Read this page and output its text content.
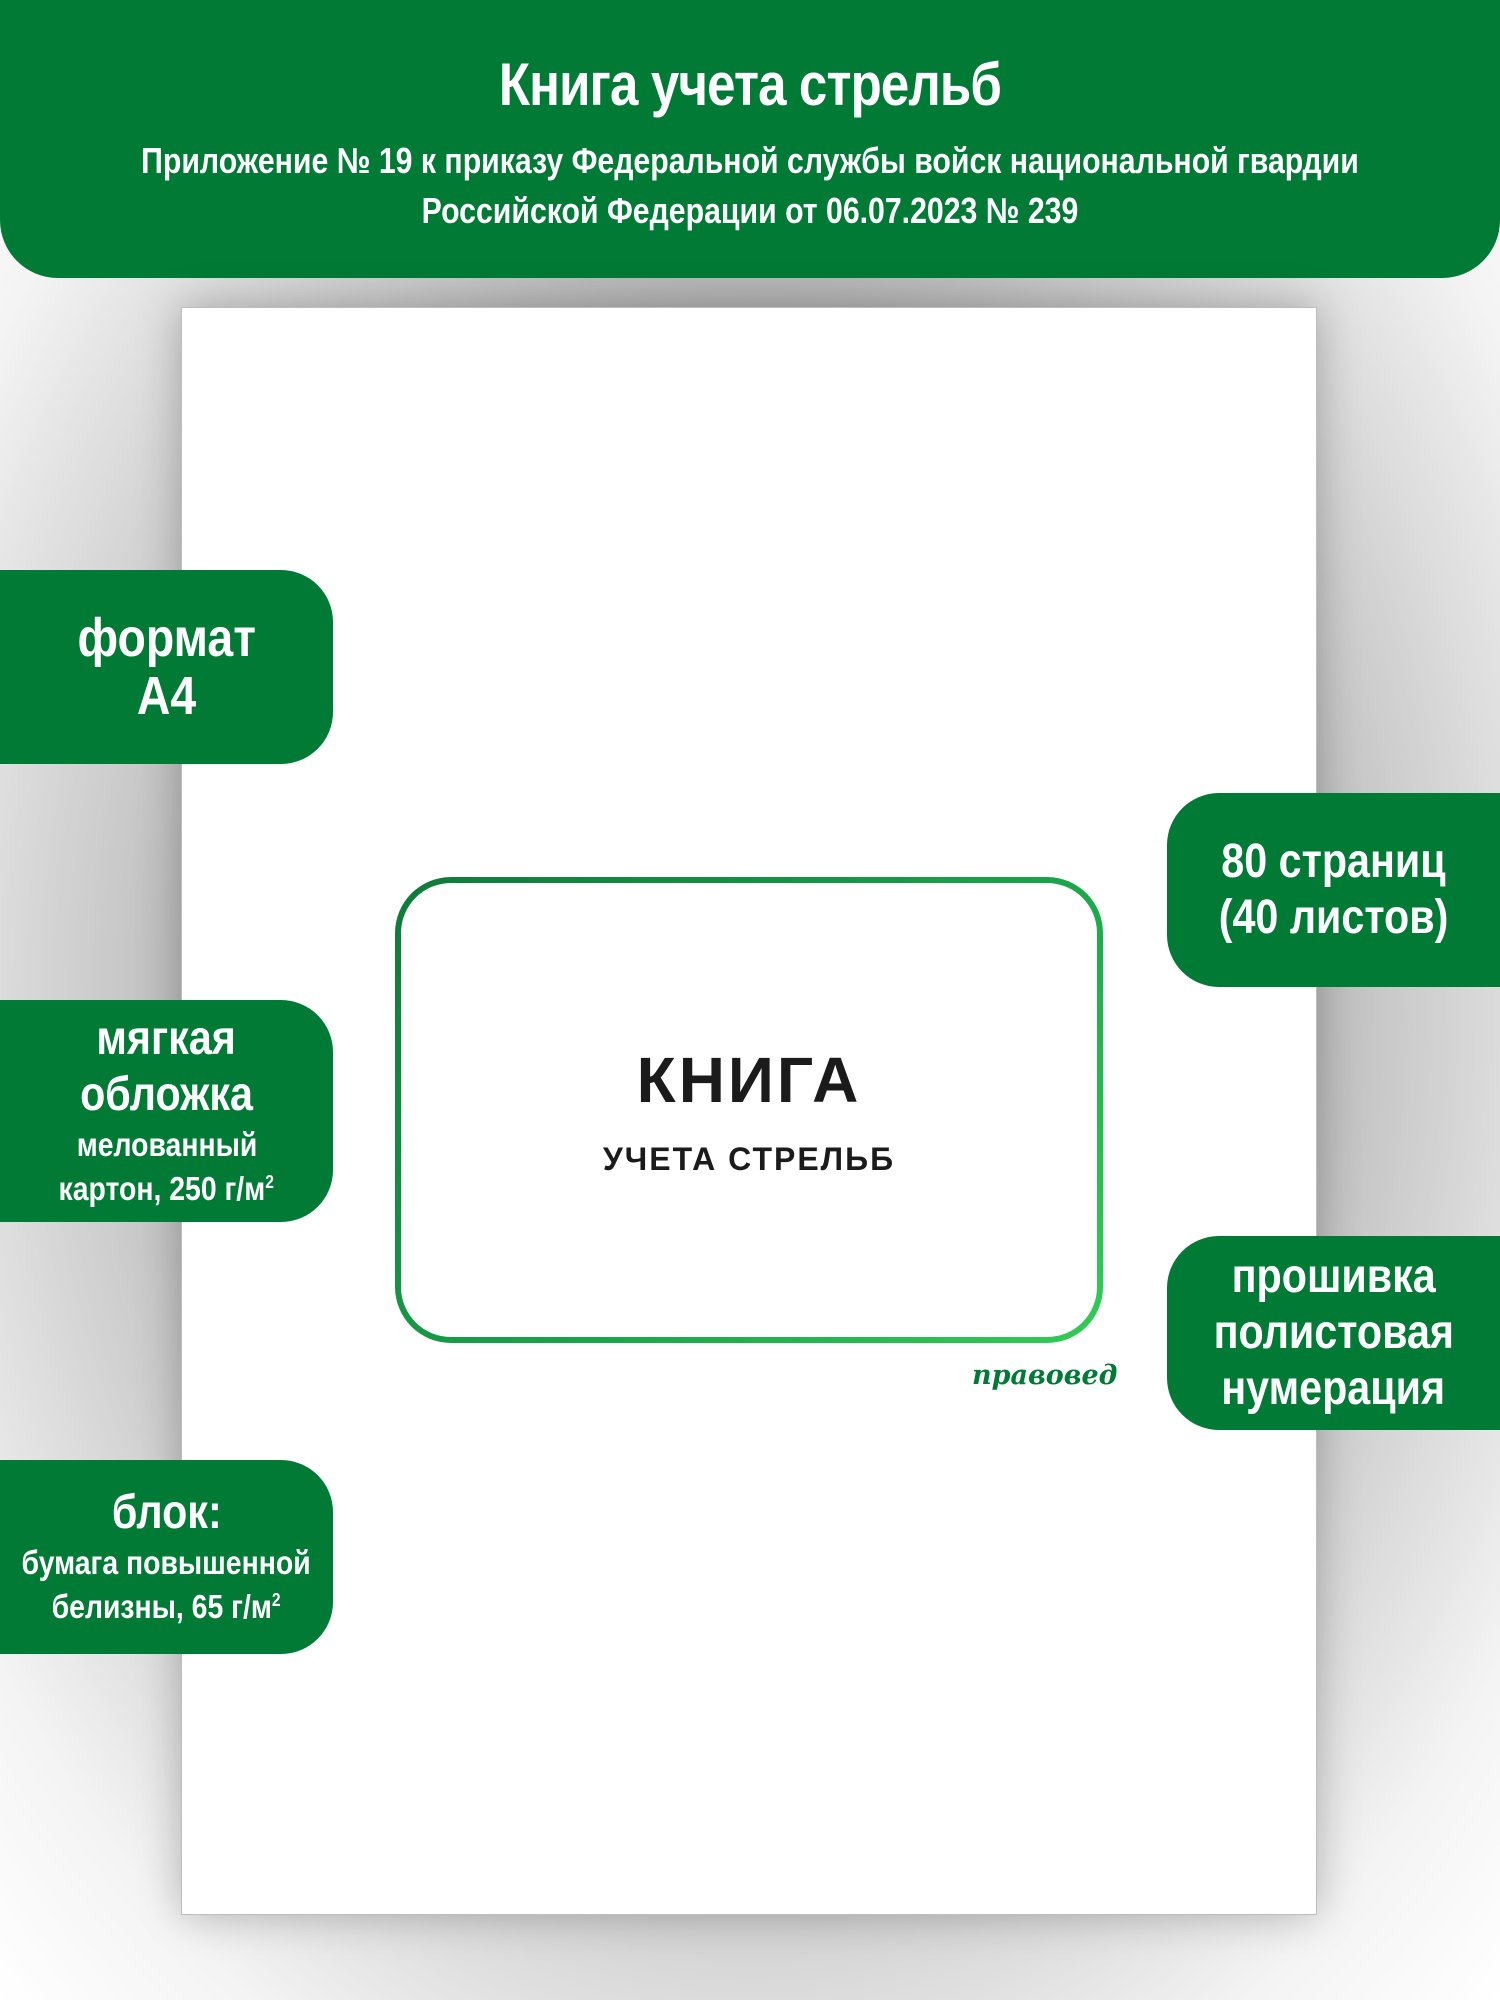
Книга учета стрельб
Приложение № 19 к приказу Федеральной службы войск национальной гвардии
Российской Федерации от 06.07.2023 № 239
КНИГА
УЧЕТА СТРЕЛЬБ
правовед
формат
А4
мягкая
обложка
мелованный
картон, 250 $г/м^2$
блок:
бумага повышенной
белизны, 65 $г/м^2$
80 страниц
(40 листов)
прошивка
полистовая
нумерация
